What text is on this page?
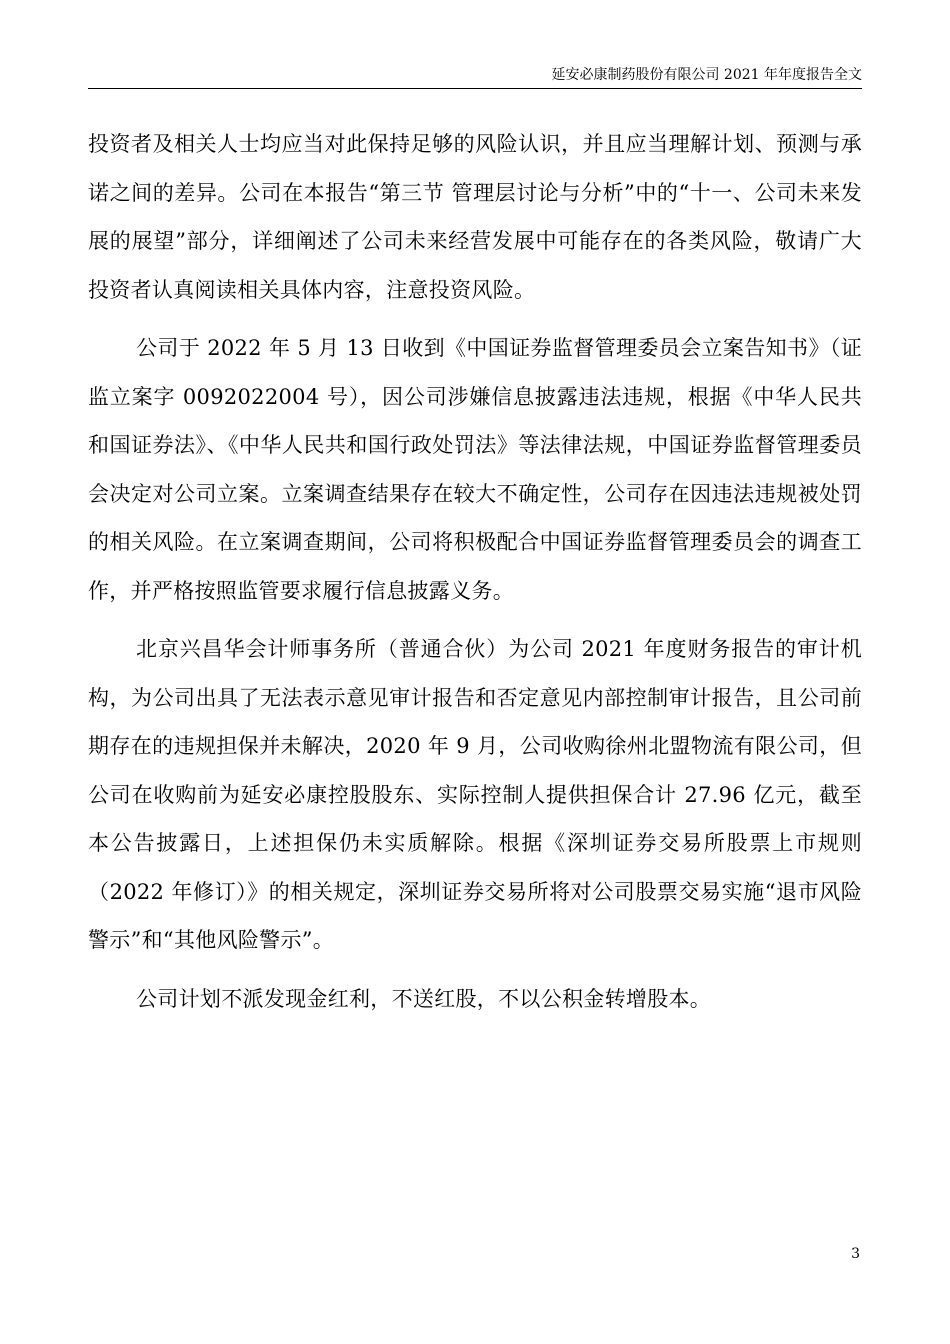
延安必康制药股份有限公司 2021 年年度报告全文

投资者及相关人士均应当对此保持足够的风险认识，并且应当理解计划、预测与承诺之间的差异。公司在本报告“第三节 管理层讨论与分析”中的“十一、公司未来发展的展望”部分，详细阐述了公司未来经营发展中可能存在的各类风险，敬请广大投资者认真阅读相关具体内容，注意投资风险。

公司于 2022 年 5 月 13 日收到《中国证券监督管理委员会立案告知书》（证监立案字 0092022004 号），因公司涉嫌信息披露违法违规，根据《中华人民共和国证券法》、《中华人民共和国行政处罚法》等法律法规，中国证券监督管理委员会决定对公司立案。立案调查结果存在较大不确定性，公司存在因违法违规被处罚的相关风险。在立案调查期间，公司将积极配合中国证券监督管理委员会的调查工作，并严格按照监管要求履行信息披露义务。

北京兴昌华会计师事务所（普通合伙）为公司 2021 年度财务报告的审计机构，为公司出具了无法表示意见审计报告和否定意见内部控制审计报告，且公司前期存在的违规担保并未解决，2020 年 9 月，公司收购徐州北盟物流有限公司，但公司在收购前为延安必康控股股东、实际控制人提供担保合计 27.96 亿元，截至本公告披露日，上述担保仍未实质解除。根据《深圳证券交易所股票上市规则（2022 年修订）》的相关规定，深圳证券交易所将对公司股票交易实施“退市风险警示”和“其他风险警示”。

公司计划不派发现金红利，不送红股，不以公积金转增股本。

3
